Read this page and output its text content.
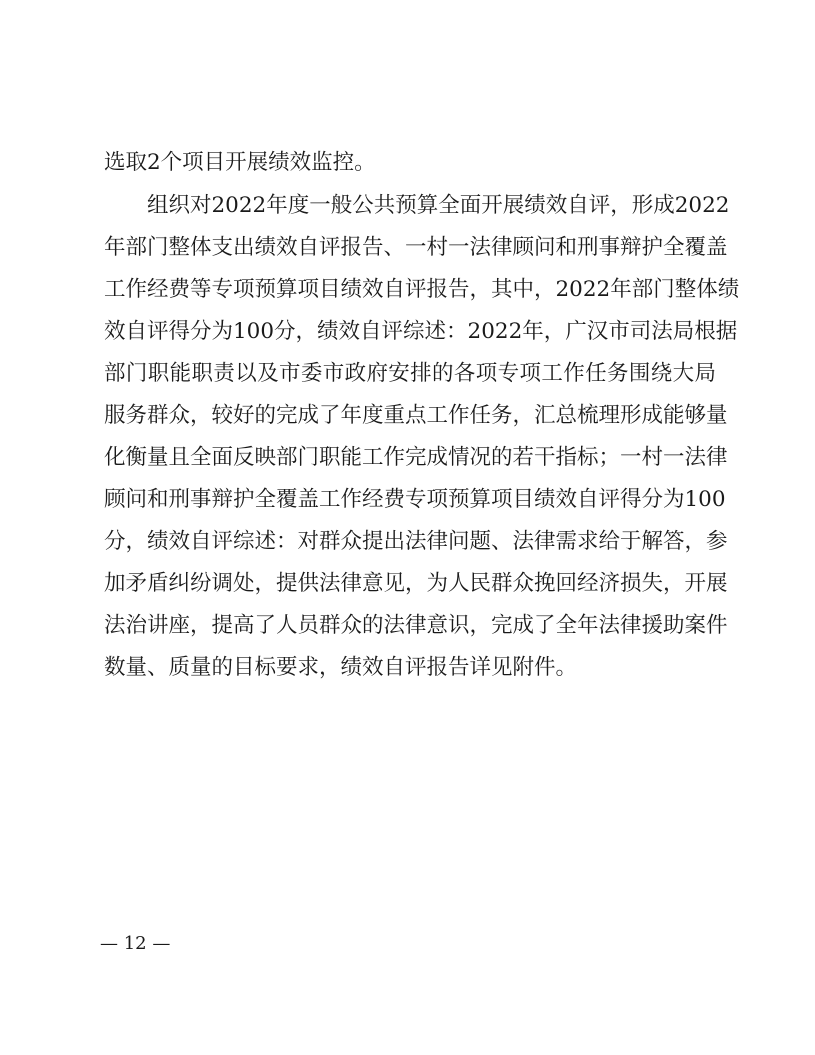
选取2个项目开展绩效监控。
组织对2022年度一般公共预算全面开展绩效自评，形成2022
年部门整体支出绩效自评报告、一村一法律顾问和刑事辩护全覆盖
工作经费等专项预算项目绩效自评报告，其中，2022年部门整体绩
效自评得分为100分，绩效自评综述：2022年，广汉市司法局根据
部门职能职责以及市委市政府安排的各项专项工作任务围绕大局
服务群众，较好的完成了年度重点工作任务，汇总梳理形成能够量
化衡量且全面反映部门职能工作完成情况的若干指标；一村一法律
顾问和刑事辩护全覆盖工作经费专项预算项目绩效自评得分为100
分，绩效自评综述：对群众提出法律问题、法律需求给于解答，参
加矛盾纠纷调处，提供法律意见，为人民群众挽回经济损失，开展
法治讲座，提高了人员群众的法律意识，完成了全年法律援助案件
数量、质量的目标要求，绩效自评报告详见附件。
— 12 —
